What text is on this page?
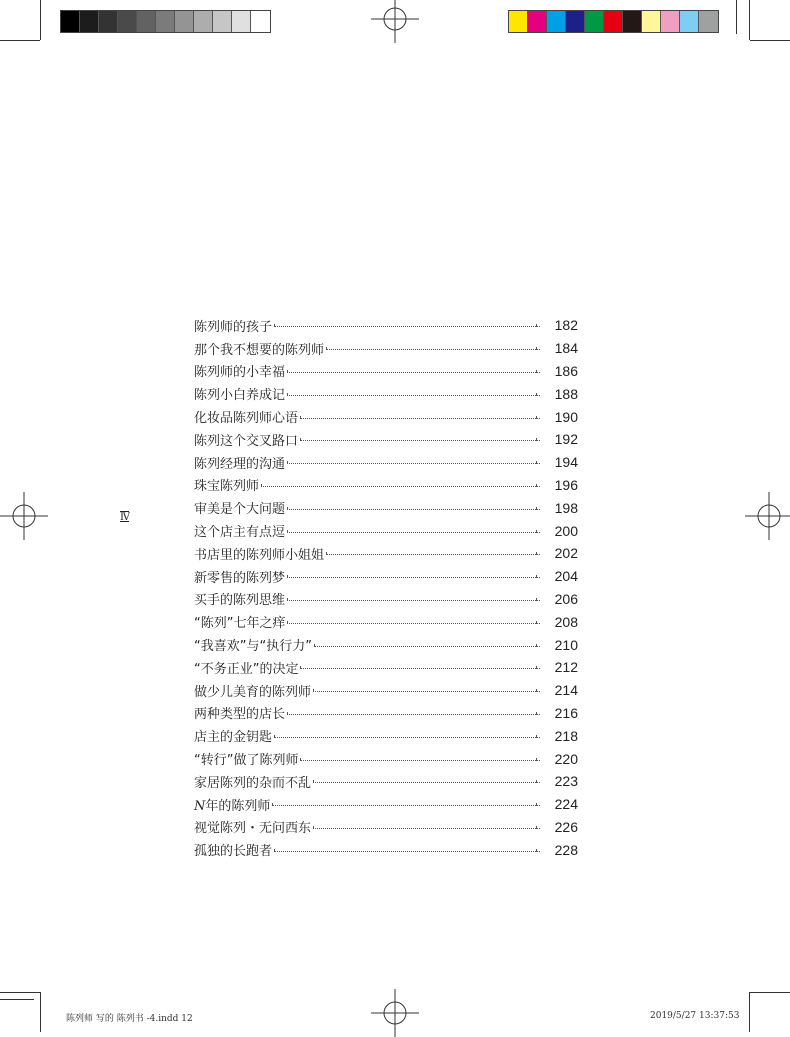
Ⅳ
陈列师的孩子	182
那个我不想要的陈列师	184
陈列师的小幸福	186
陈列小白养成记	188
化妆品陈列师心语	190
陈列这个交叉路口	192
陈列经理的沟通	194
珠宝陈列师	196
审美是个大问题	198
这个店主有点逗	200
书店里的陈列师小姐姐	202
新零售的陈列梦	204
买手的陈列思维	206
“陈列”七年之痒	208
“我喜欢”与“执行力”	210
“不务正业”的决定	212
做少儿美育的陈列师	214
两种类型的店长	216
店主的金钥匙	218
“转行”做了陈列师	220
家居陈列的杂而不乱	223
N年的陈列师	224
视觉陈列・无问西东	226
孤独的长跑者	228
陈列师 写的 陈列书 -4.indd 12	2019/5/27 13:37:53
